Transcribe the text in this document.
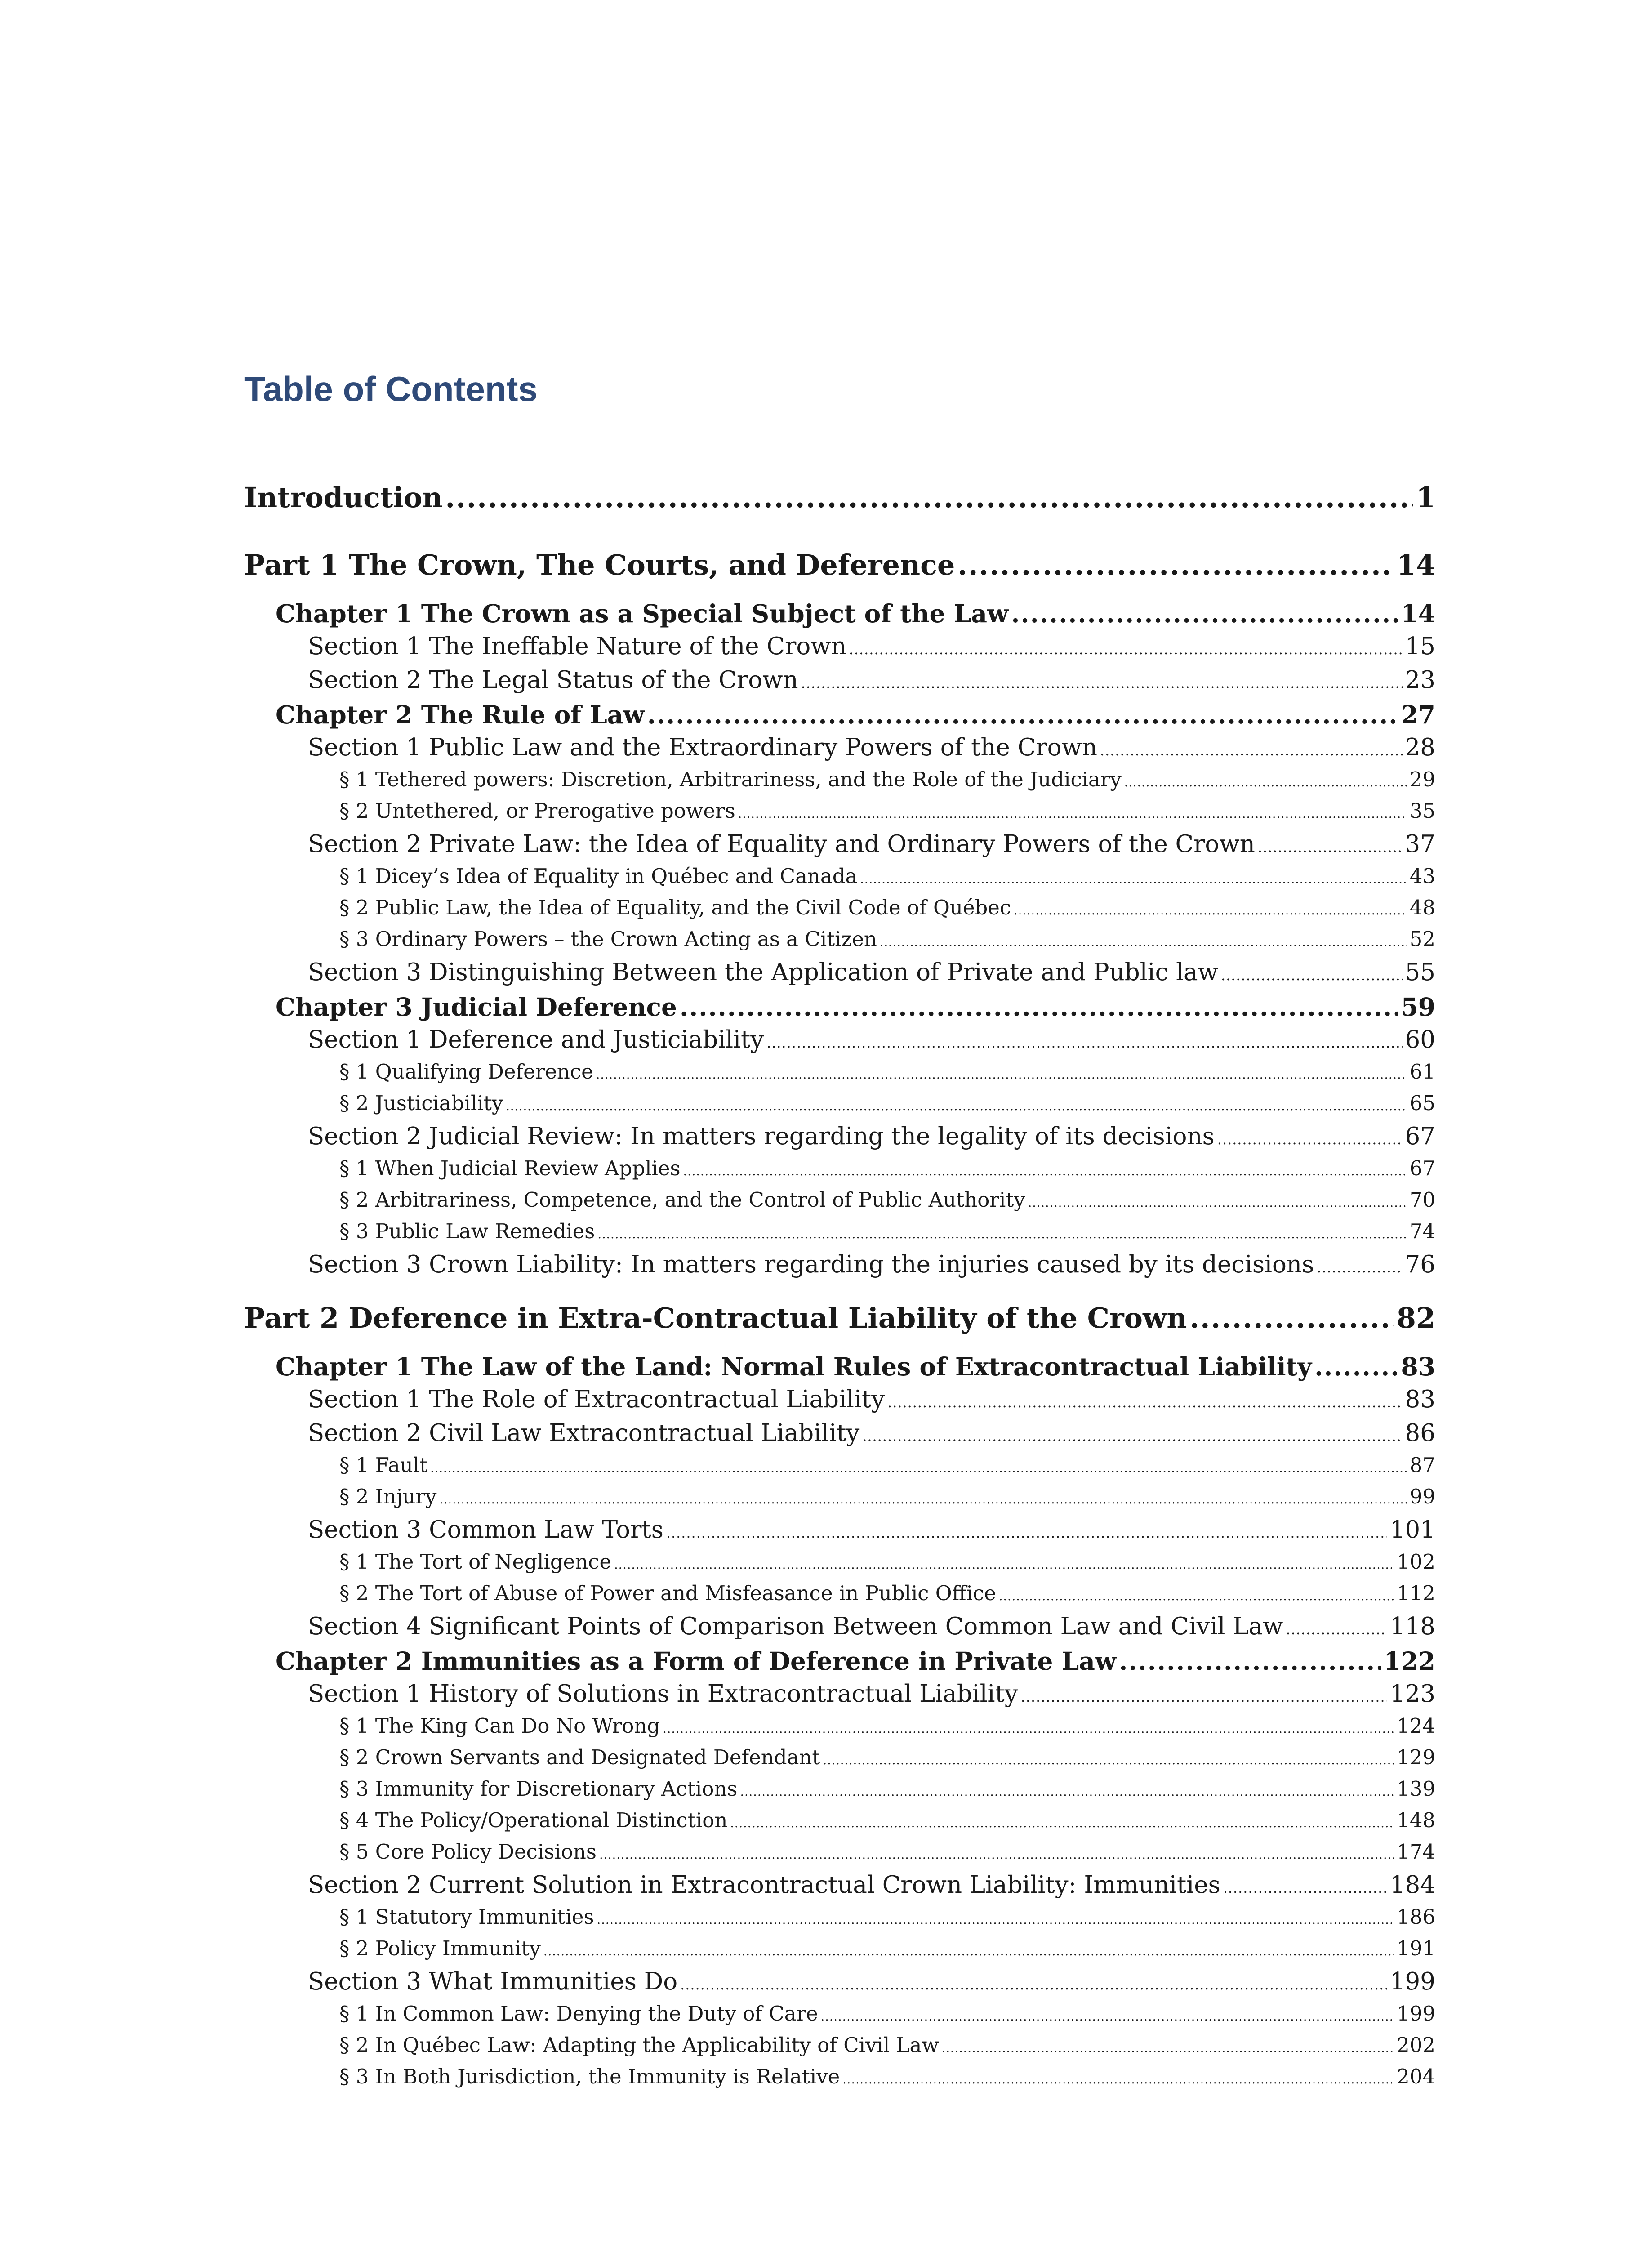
Table of Contents
Introduction .....	1
Part 1 The Crown, The Courts, and Deference .....	14
Chapter 1 The Crown as a Special Subject of the Law .....	14
Section 1 The Ineffable Nature of the Crown .....	15
Section 2 The Legal Status of the Crown .....	23
Chapter 2 The Rule of Law .....	27
Section 1 Public Law and the Extraordinary Powers of the Crown .....	28
§ 1 Tethered powers: Discretion, Arbitrariness, and the Role of the Judiciary .....	29
§ 2 Untethered, or Prerogative powers .....	35
Section 2 Private Law: the Idea of Equality and Ordinary Powers of the Crown .....	37
§ 1 Dicey’s Idea of Equality in Québec and Canada .....	43
§ 2 Public Law, the Idea of Equality, and the Civil Code of Québec .....	48
§ 3 Ordinary Powers – the Crown Acting as a Citizen .....	52
Section 3 Distinguishing Between the Application of Private and Public law .....	55
Chapter 3 Judicial Deference .....	59
Section 1 Deference and Justiciability .....	60
§ 1 Qualifying Deference .....	61
§ 2 Justiciability .....	65
Section 2 Judicial Review: In matters regarding the legality of its decisions .....	67
§ 1 When Judicial Review Applies .....	67
§ 2 Arbitrariness, Competence, and the Control of Public Authority .....	70
§ 3 Public Law Remedies .....	74
Section 3 Crown Liability: In matters regarding the injuries caused by its decisions .....	76
Part 2 Deference in Extra-Contractual Liability of the Crown .....	82
Chapter 1 The Law of the Land: Normal Rules of Extracontractual Liability .....	83
Section 1 The Role of Extracontractual Liability .....	83
Section 2 Civil Law Extracontractual Liability .....	86
§ 1 Fault .....	87
§ 2 Injury .....	99
Section 3 Common Law Torts .....	101
§ 1 The Tort of Negligence .....	102
§ 2 The Tort of Abuse of Power and Misfeasance in Public Office .....	112
Section 4 Significant Points of Comparison Between Common Law and Civil Law .....	118
Chapter 2 Immunities as a Form of Deference in Private Law .....	122
Section 1 History of Solutions in Extracontractual Liability .....	123
§ 1 The King Can Do No Wrong .....	124
§ 2 Crown Servants and Designated Defendant .....	129
§ 3 Immunity for Discretionary Actions .....	139
§ 4 The Policy/Operational Distinction .....	148
§ 5 Core Policy Decisions .....	174
Section 2 Current Solution in Extracontractual Crown Liability: Immunities .....	184
§ 1 Statutory Immunities .....	186
§ 2 Policy Immunity .....	191
Section 3 What Immunities Do .....	199
§ 1 In Common Law: Denying the Duty of Care .....	199
§ 2 In Québec Law: Adapting the Applicability of Civil Law .....	202
§ 3 In Both Jurisdiction, the Immunity is Relative .....	204
